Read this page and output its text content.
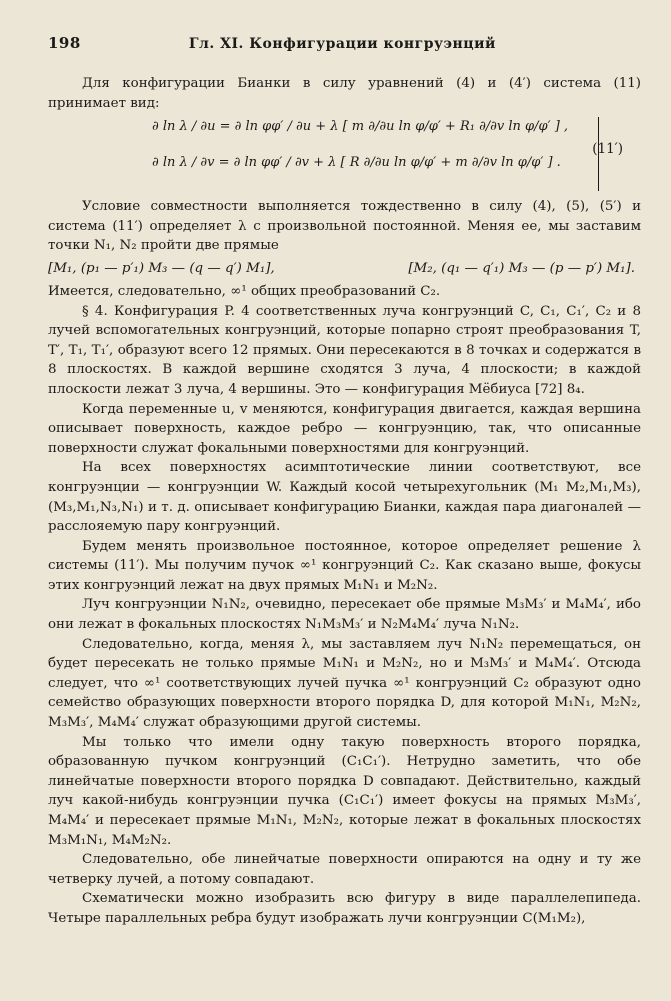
198	Гл. XI. Конфигурации конгруэнций

Для конфигурации Бианки в силу уравнений (4) и (4′) система (11) принимает вид:

∂ ln λ / ∂u = ∂ ln φφ′ / ∂u + λ [ m ∂/∂u ln φ/φ′ + R₁ ∂/∂v ln φ/φ′ ] ,
∂ ln λ / ∂v = ∂ ln φφ′ / ∂v + λ [ R ∂/∂u ln φ/φ′ + m ∂/∂v ln φ/φ′ ] .
(11′)

Условие совместности выполняется тождественно в силу (4), (5), (5′) и система (11′) определяет λ с произвольной постоянной. Меняя ее, мы заставим точки N₁, N₂ пройти две прямые

[M₁, (p₁ — p′₁) M₃ — (q — q′) M₁],	[M₂, (q₁ — q′₁) M₃ — (p — p′) M₁].

Имеется, следовательно, ∞¹ общих преобразований C₂.

§ 4. Конфигурация P. 4 соответственных луча конгруэнций C, C₁, C₁′, C₂ и 8 лучей вспомогательных конгруэнций, которые попарно строят преобразования T, T′, T₁, T₁′, образуют всего 12 прямых. Они пересекаются в 8 точках и содержатся в 8 плоскостях. В каждой вершине сходятся 3 луча, 4 плоскости; в каждой плоскости лежат 3 луча, 4 вершины. Это — конфигурация Мёбиуса [72] 8₄.

Когда переменные u, v меняются, конфигурация двигается, каждая вершина описывает поверхность, каждое ребро — конгруэнцию, так, что описанные поверхности служат фокальными поверхностями для конгруэнций.

На всех поверхностях асимптотические линии соответствуют, все конгруэнции — конгруэнции W. Каждый косой четырехугольник (M₁ M₂,M₁,M₃), (M₃,M₁,N₃,N₁) и т. д. описывает конфигурацию Бианки, каждая пара диагоналей — расслояемую пару конгруэнций.

Будем менять произвольное постоянное, которое определяет решение λ системы (11′). Мы получим пучок ∞¹ конгруэнций C₂. Как сказано выше, фокусы этих конгруэнций лежат на двух прямых M₁N₁ и M₂N₂.

Луч конгруэнции N₁N₂, очевидно, пересекает обе прямые M₃M₃′ и M₄M₄′, ибо они лежат в фокальных плоскостях N₁M₃M₃′ и N₂M₄M₄′ луча N₁N₂.

Следовательно, когда, меняя λ, мы заставляем луч N₁N₂ перемещаться, он будет пересекать не только прямые M₁N₁ и M₂N₂, но и M₃M₃′ и M₄M₄′. Отсюда следует, что ∞¹ соответствующих лучей пучка ∞¹ конгруэнций C₂ образуют одно семейство образующих поверхности второго порядка D, для которой M₁N₁, M₂N₂, M₃M₃′, M₄M₄′ служат образующими другой системы.

Мы только что имели одну такую поверхность второго порядка, образованную пучком конгруэнций (C₁C₁′). Нетрудно заметить, что обе линейчатые поверхности второго порядка D совпадают. Действительно, каждый луч какой-нибудь конгруэнции пучка (C₁C₁′) имеет фокусы на прямых M₃M₃′, M₄M₄′ и пересекает прямые M₁N₁, M₂N₂, которые лежат в фокальных плоскостях M₃M₁N₁, M₄M₂N₂.

Следовательно, обе линейчатые поверхности опираются на одну и ту же четверку лучей, а потому совпадают.

Схематически можно изобразить всю фигуру в виде параллелепипеда. Четыре параллельных ребра будут изображать лучи конгруэнции C(M₁M₂),
